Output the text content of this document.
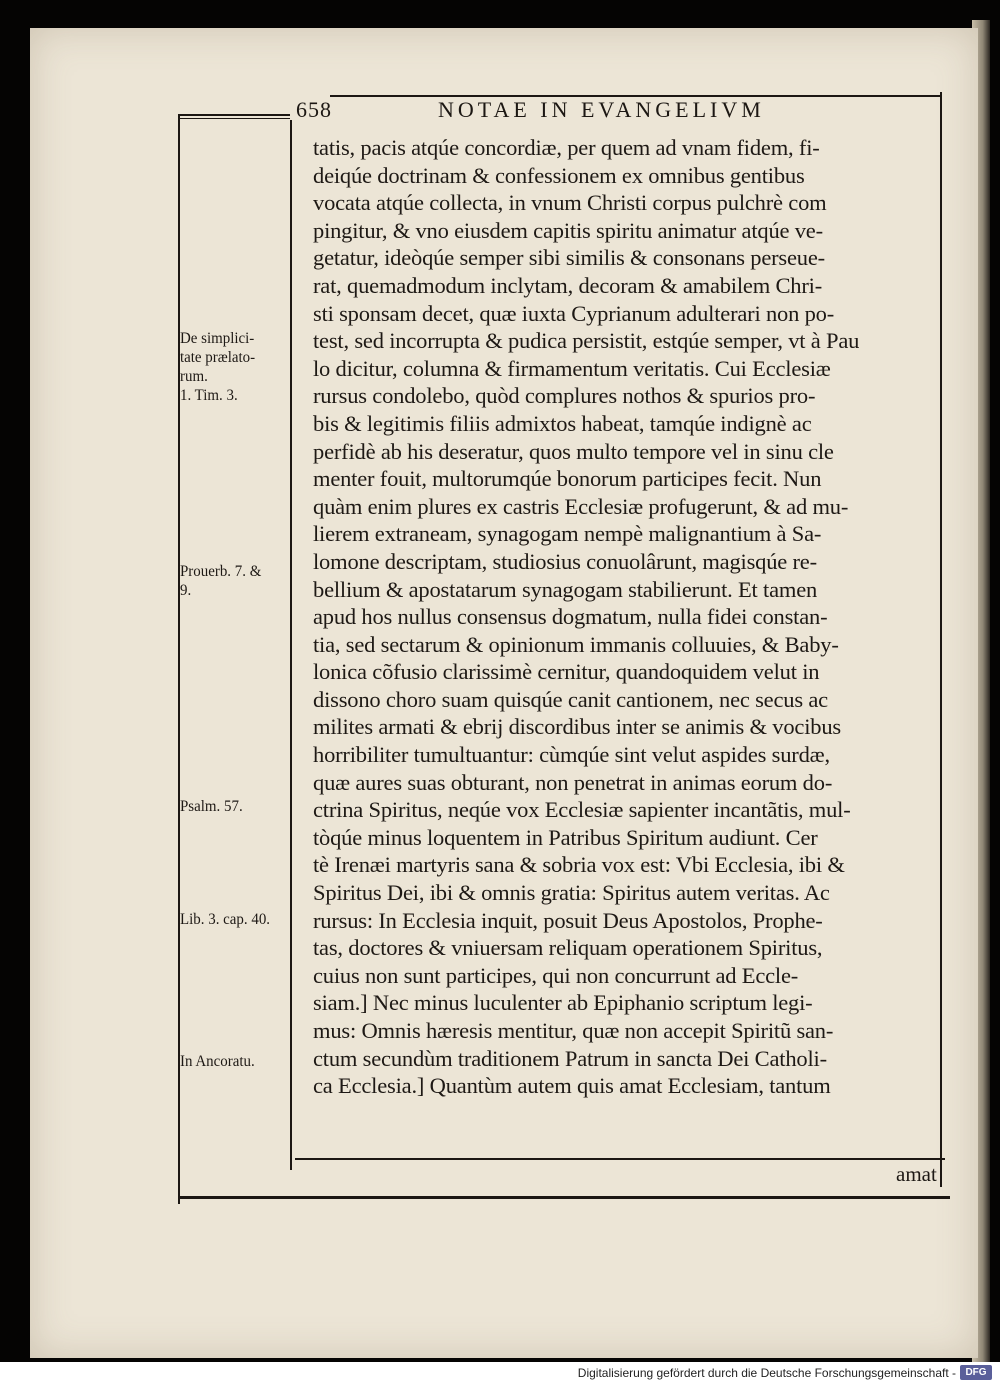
658	NOTAE IN EVANGELIVM
tatis, pacis atqúe concordiæ, per quem ad vnam fidem, fi-
deiqúe doctrinam & confessionem ex omnibus gentibus
vocata atqúe collecta, in vnum Christi corpus pulchrè com
pingitur, & vno eiusdem capitis spiritu animatur atqúe ve-
getatur, ideòqúe semper sibi similis & consonans perseue-
rat, quemadmodum inclytam, decoram & amabilem Chri-
sti sponsam decet, quæ iuxta Cyprianum adulterari non po-
test, sed incorrupta & pudica persistit, estqúe semper, vt à Pau
lo dicitur, columna & firmamentum veritatis. Cui Ecclesiæ
rursus condolebo, quòd complures nothos & spurios pro-
bis & legitimis filiis admixtos habeat, tamqúe indignè ac
perfidè ab his deseratur, quos multo tempore vel in sinu cle
menter fouit, multorumqúe bonorum participes fecit. Nun
quàm enim plures ex castris Ecclesiæ profugerunt, & ad mu-
lierem extraneam, synagogam nempè malignantium à Sa-
lomone descriptam, studiosius conuolârunt, magisqúe re-
bellium & apostatarum synagogam stabilierunt. Et tamen
apud hos nullus consensus dogmatum, nulla fidei constan-
tia, sed sectarum & opinionum immanis colluuies, & Baby-
lonica cõfusio clarissimè cernitur, quandoquidem velut in
dissono choro suam quisqúe canit cantionem, nec secus ac
milites armati & ebrij discordibus inter se animis & vocibus
horribiliter tumultuantur: cùmqúe sint velut aspides surdæ,
quæ aures suas obturant, non penetrat in animas eorum do-
ctrina Spiritus, neqúe vox Ecclesiæ sapienter incantãtis, mul-
tòqúe minus loquentem in Patribus Spiritum audiunt. Cer
tè Irenæi martyris sana & sobria vox est: Vbi Ecclesia, ibi &
Spiritus Dei, ibi & omnis gratia: Spiritus autem veritas. Ac
rursus: In Ecclesia inquit, posuit Deus Apostolos, Prophe-
tas, doctores & vniuersam reliquam operationem Spiritus,
cuius non sunt participes, qui non concurrunt ad Eccle-
siam.] Nec minus luculenter ab Epiphanio scriptum legi-
mus: Omnis hæresis mentitur, quæ non accepit Spiritũ san-
ctum secundùm traditionem Patrum in sancta Dei Catholi-
ca Ecclesia.] Quantùm autem quis amat Ecclesiam, tantum
De simplici-
tate prælato-
rum.
1. Tim. 3.
Prouerb. 7. &
9.
Psalm. 57.
Lib. 3. cap. 40.
In Ancoratu.
amat
Digitalisierung gefördert durch die Deutsche Forschungsgemeinschaft - DFG
